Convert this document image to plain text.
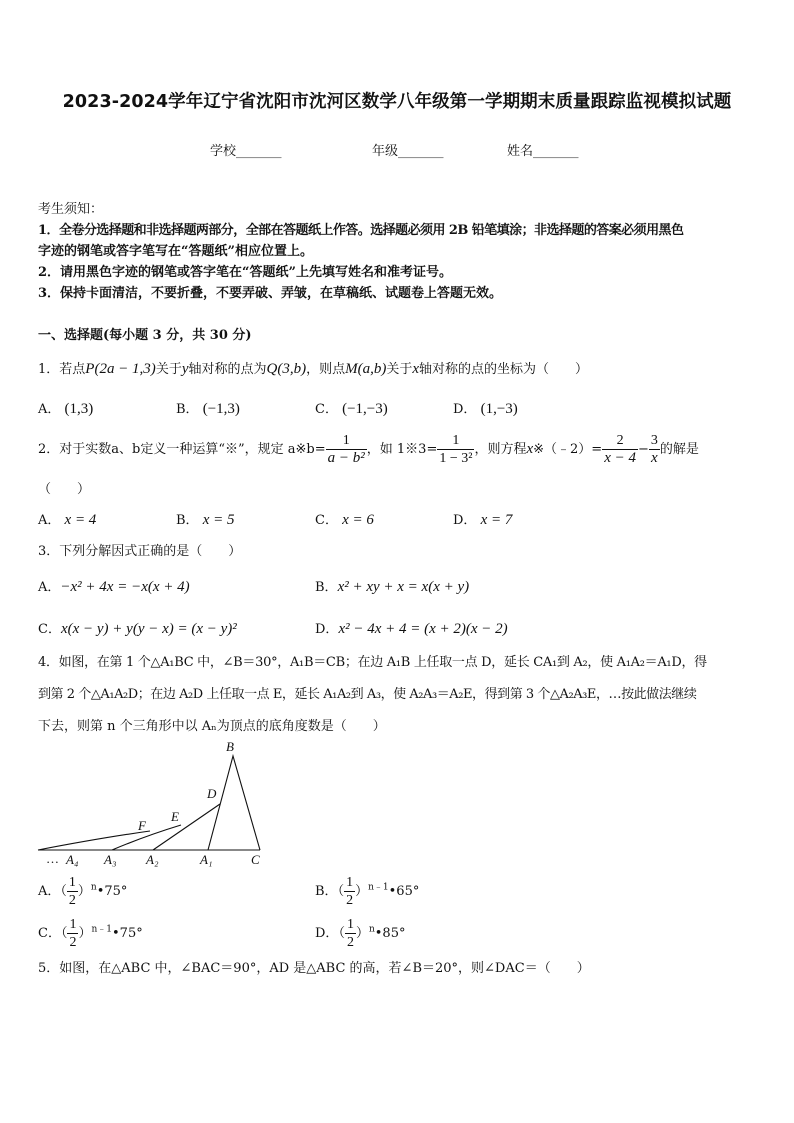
2023-2024学年辽宁省沈阳市沈河区数学八年级第一学期期末质量跟踪监视模拟试题
学校_______	年级_______	姓名_______
考生须知：
1．全卷分选择题和非选择题两部分，全部在答题纸上作答。选择题必须用 2B 铅笔填涂；非选择题的答案必须用黑色
字迹的钢笔或答字笔写在“答题纸”相应位置上。
2．请用黑色字迹的钢笔或答字笔在“答题纸”上先填写姓名和准考证号。
3．保持卡面清洁，不要折叠，不要弄破、弄皱，在草稿纸、试题卷上答题无效。
一、选择题(每小题 3 分，共 30 分)
1．若点P(2a − 1,3)关于y轴对称的点为Q(3,b)，则点M(a,b)关于x轴对称的点的坐标为（　　）
A． (1,3)	B． (−1,3)	C． (−1,−3)	D． (1,−3)
2．对于实数a、b定义一种运算“※”，规定 a※b= $\frac{1}{\text{a − b²}}$ ，如 1※3= $\frac{1}{\text{1 − 3²}}$ ，则方程x※（﹣2）= $\frac{2}{x - 4} - \frac{3}{x}$ 的解是
（　　）
A． x = 4	B． x = 5	C． x = 6	D． x = 7
3．下列分解因式正确的是（　　）
A．−x² + 4x = −x(x + 4)	B．x² + xy + x = x(x + y)
C．x(x − y) + y(y − x) = (x − y)²	D．x² − 4x + 4 = (x + 2)(x − 2)
4．如图，在第 1 个△A₁BC 中，∠B＝30°，A₁B＝CB；在边 A₁B 上任取一点 D，延长 CA₁到 A₂，使 A₁A₂＝A₁D，得
到第 2 个△A₁A₂D；在边 A₂D 上任取一点 E，延长 A₁A₂到 A₃，使 A₂A₃＝A₂E，得到第 3 个△A₂A₃E，…按此做法继续
下去，则第 n 个三角形中以 Aₙ为顶点的底角度数是（　　）
B
D
E
F
C
A₁
A₂
A₃
A₄
…
A．（ $\frac{1}{2}$ ）$^n$•75°	B．（ $\frac{1}{2}$ ）$^{n﹣1}$•65°
C．（ $\frac{1}{2}$ ）$^{n﹣1}$•75°	D．（ $\frac{1}{2}$ ）$^n$•85°
5．如图，在△ABC 中，∠BAC＝90°，AD 是△ABC 的高，若∠B＝20°，则∠DAC＝（　　）
